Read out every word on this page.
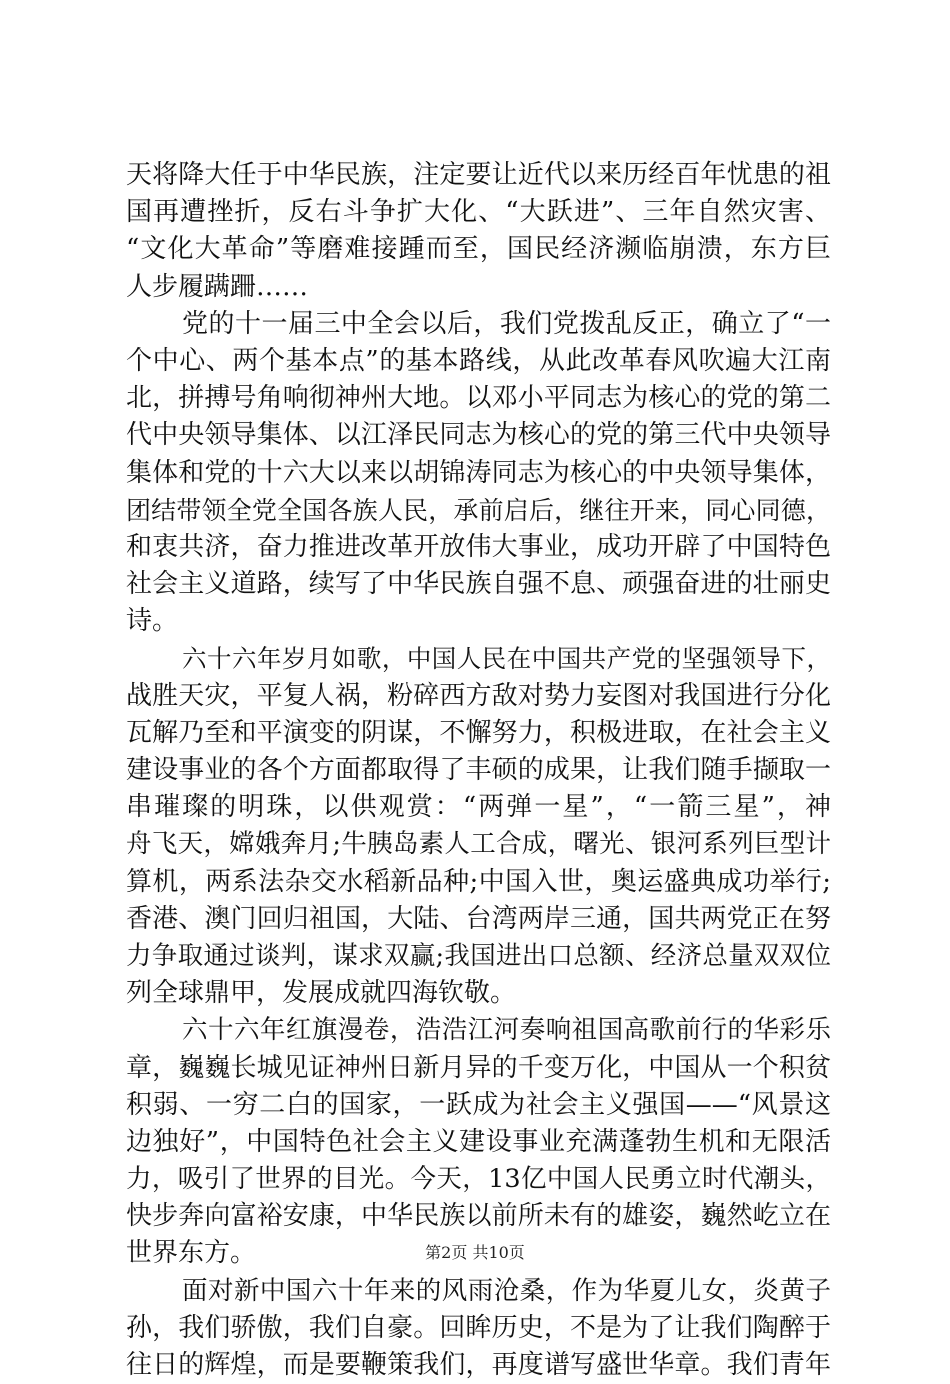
天将降大任于中华民族，注定要让近代以来历经百年忧患的祖
国再遭挫折，反右斗争扩大化、“大跃进”、三年自然灾害、
“文化大革命”等磨难接踵而至，国民经济濒临崩溃，东方巨
人步履蹒跚……
党的十一届三中全会以后，我们党拨乱反正，确立了“一
个中心、两个基本点”的基本路线，从此改革春风吹遍大江南
北，拼搏号角响彻神州大地。以邓小平同志为核心的党的第二
代中央领导集体、以江泽民同志为核心的党的第三代中央领导
集体和党的十六大以来以胡锦涛同志为核心的中央领导集体，
团结带领全党全国各族人民，承前启后，继往开来，同心同德，
和衷共济，奋力推进改革开放伟大事业，成功开辟了中国特色
社会主义道路，续写了中华民族自强不息、顽强奋进的壮丽史
诗。
六十六年岁月如歌，中国人民在中国共产党的坚强领导下，
战胜天灾，平复人祸，粉碎西方敌对势力妄图对我国进行分化
瓦解乃至和平演变的阴谋，不懈努力，积极进取，在社会主义
建设事业的各个方面都取得了丰硕的成果，让我们随手撷取一
串璀璨的明珠，以供观赏：“两弹一星”，“一箭三星”，神
舟飞天，嫦娥奔月;牛胰岛素人工合成，曙光、银河系列巨型计
算机，两系法杂交水稻新品种;中国入世，奥运盛典成功举行;
香港、澳门回归祖国，大陆、台湾两岸三通，国共两党正在努
力争取通过谈判，谋求双赢;我国进出口总额、经济总量双双位
列全球鼎甲，发展成就四海钦敬。
六十六年红旗漫卷，浩浩江河奏响祖国高歌前行的华彩乐
章，巍巍长城见证神州日新月异的千变万化，中国从一个积贫
积弱、一穷二白的国家，一跃成为社会主义强国——“风景这
边独好”，中国特色社会主义建设事业充满蓬勃生机和无限活
力，吸引了世界的目光。今天，13亿中国人民勇立时代潮头，
快步奔向富裕安康，中华民族以前所未有的雄姿，巍然屹立在
世界东方。
面对新中国六十年来的风雨沧桑，作为华夏儿女，炎黄子
孙，我们骄傲，我们自豪。回眸历史，不是为了让我们陶醉于
往日的辉煌，而是要鞭策我们，再度谱写盛世华章。我们青年
第2页 共10页
